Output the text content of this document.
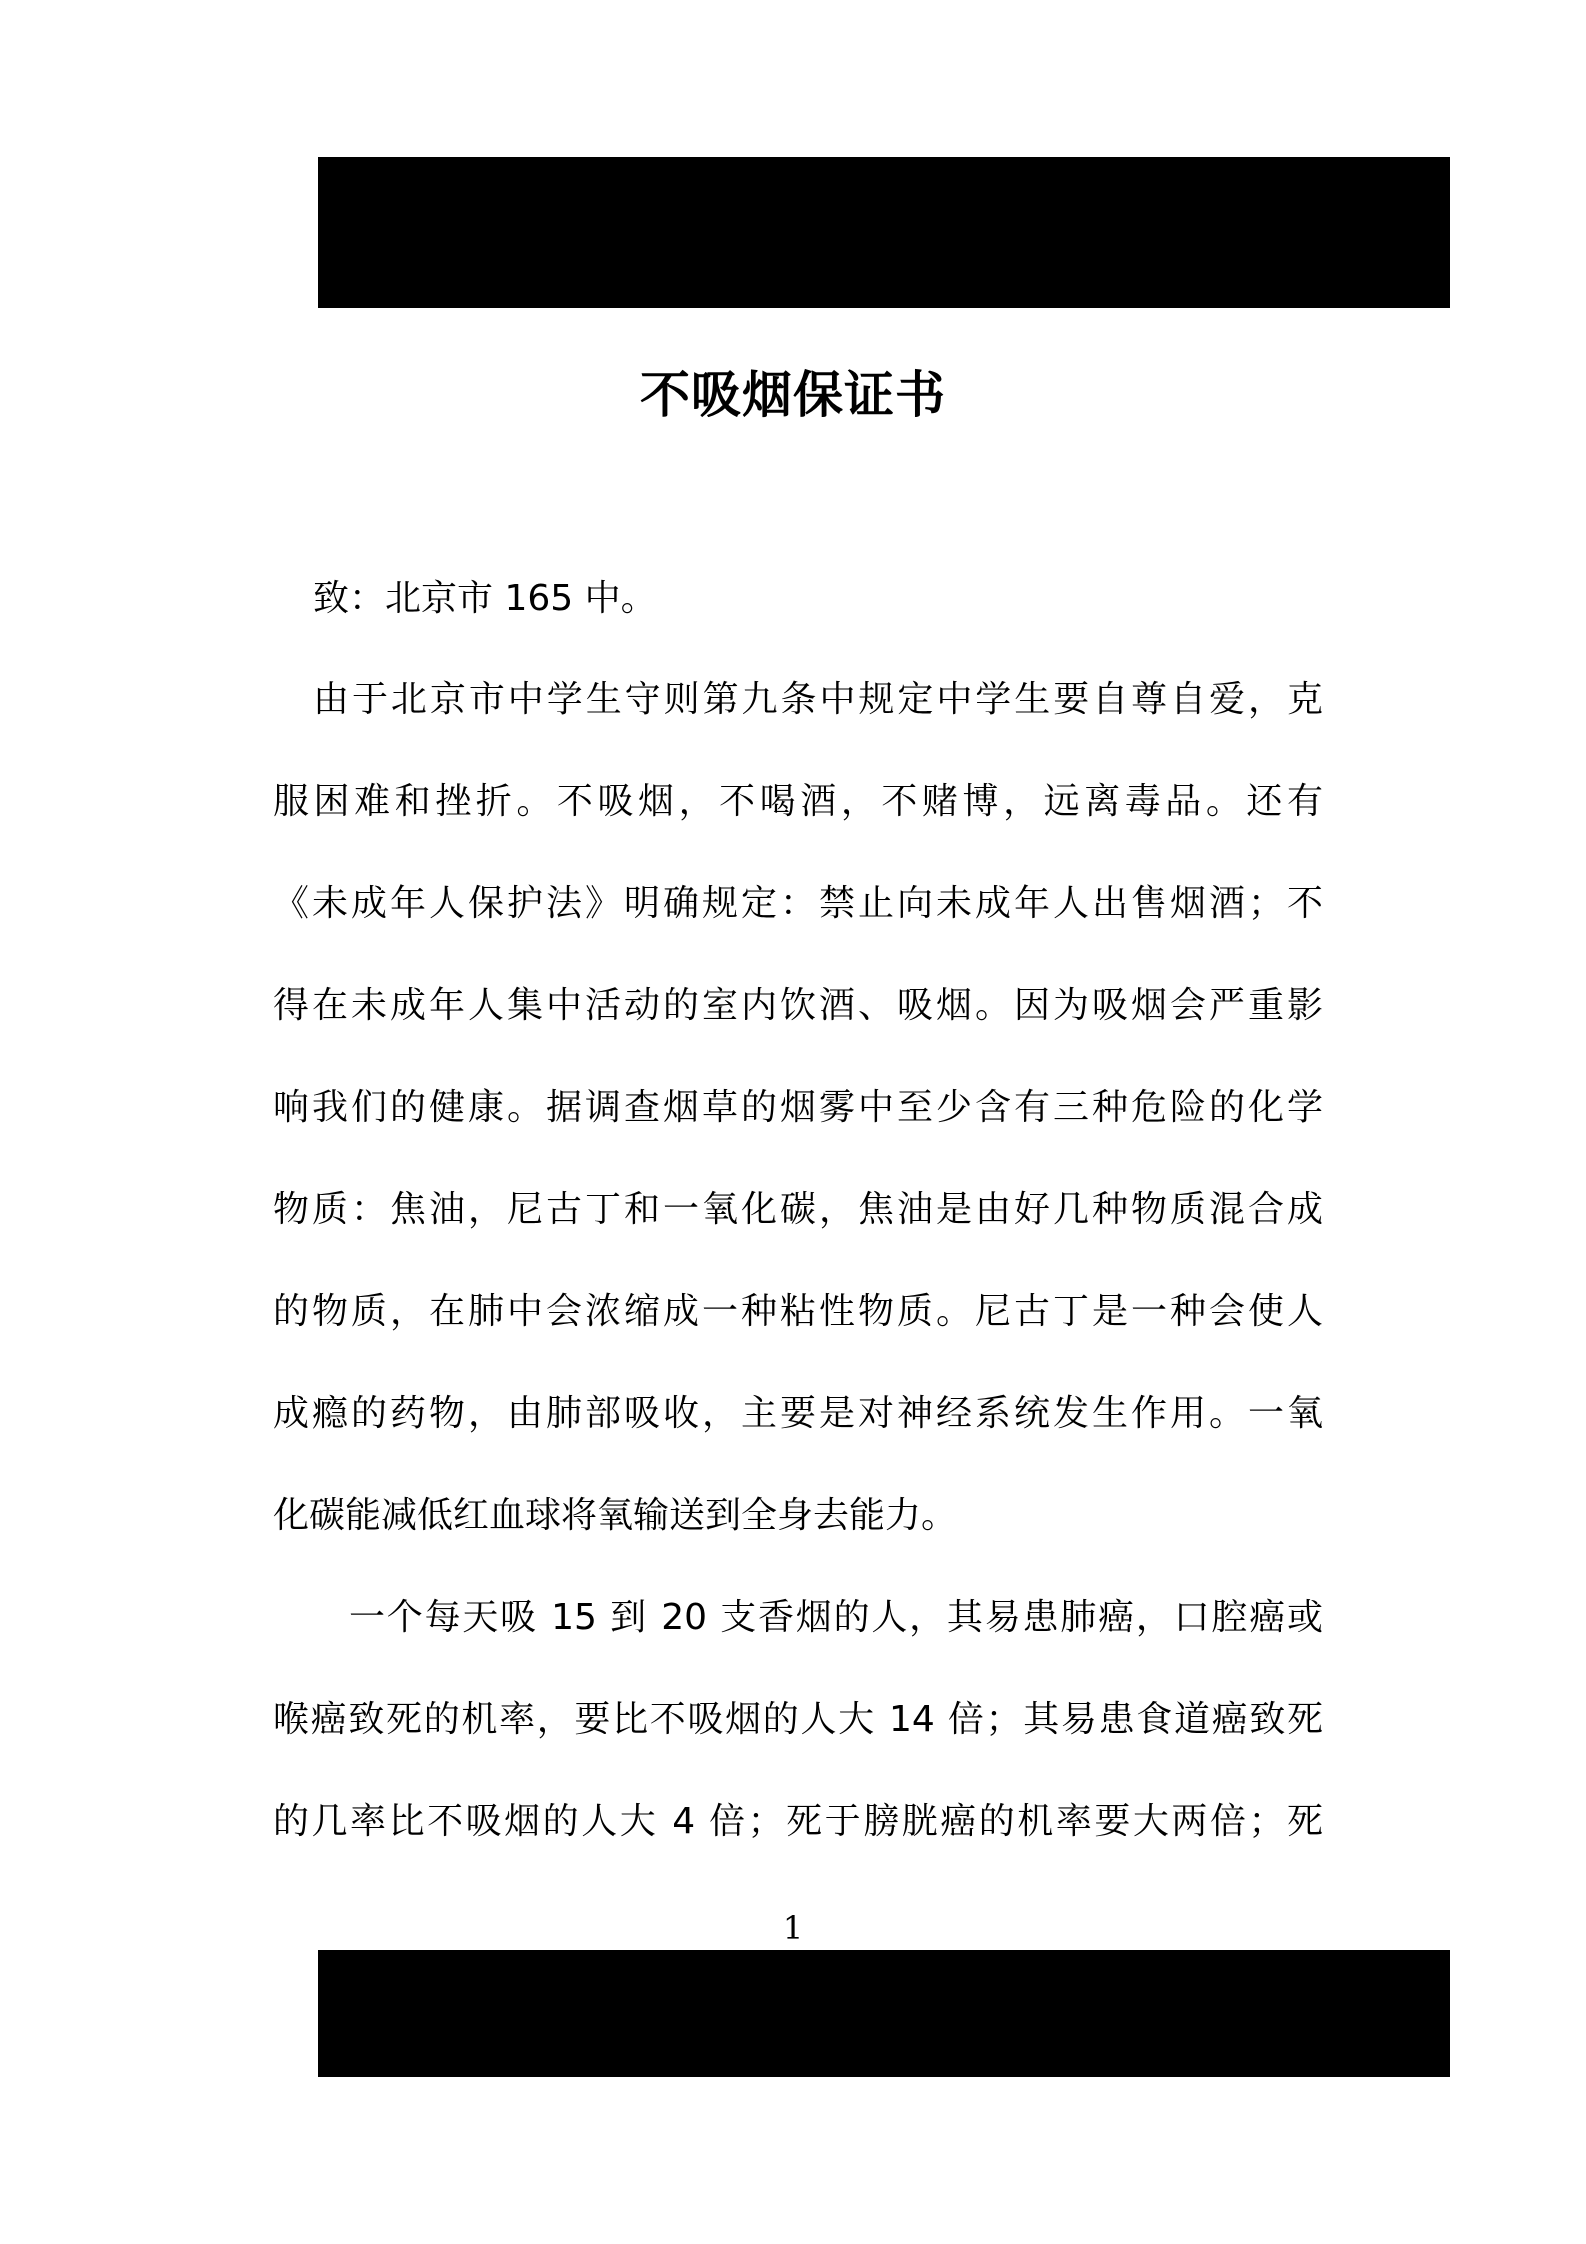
不吸烟保证书
致：北京市 165 中。
由于北京市中学生守则第九条中规定中学生要自尊自爱，克
服困难和挫折。不吸烟，不喝酒，不赌博，远离毒品。还有
《未成年人保护法》明确规定：禁止向未成年人出售烟酒；不
得在未成年人集中活动的室内饮酒、吸烟。因为吸烟会严重影
响我们的健康。据调查烟草的烟雾中至少含有三种危险的化学
物质：焦油，尼古丁和一氧化碳，焦油是由好几种物质混合成
的物质，在肺中会浓缩成一种粘性物质。尼古丁是一种会使人
成瘾的药物，由肺部吸收，主要是对神经系统发生作用。一氧
化碳能减低红血球将氧输送到全身去能力。
一个每天吸 15 到 20 支香烟的人，其易患肺癌，口腔癌或
喉癌致死的机率，要比不吸烟的人大 14 倍；其易患食道癌致死
的几率比不吸烟的人大 4 倍；死于膀胱癌的机率要大两倍；死
1
